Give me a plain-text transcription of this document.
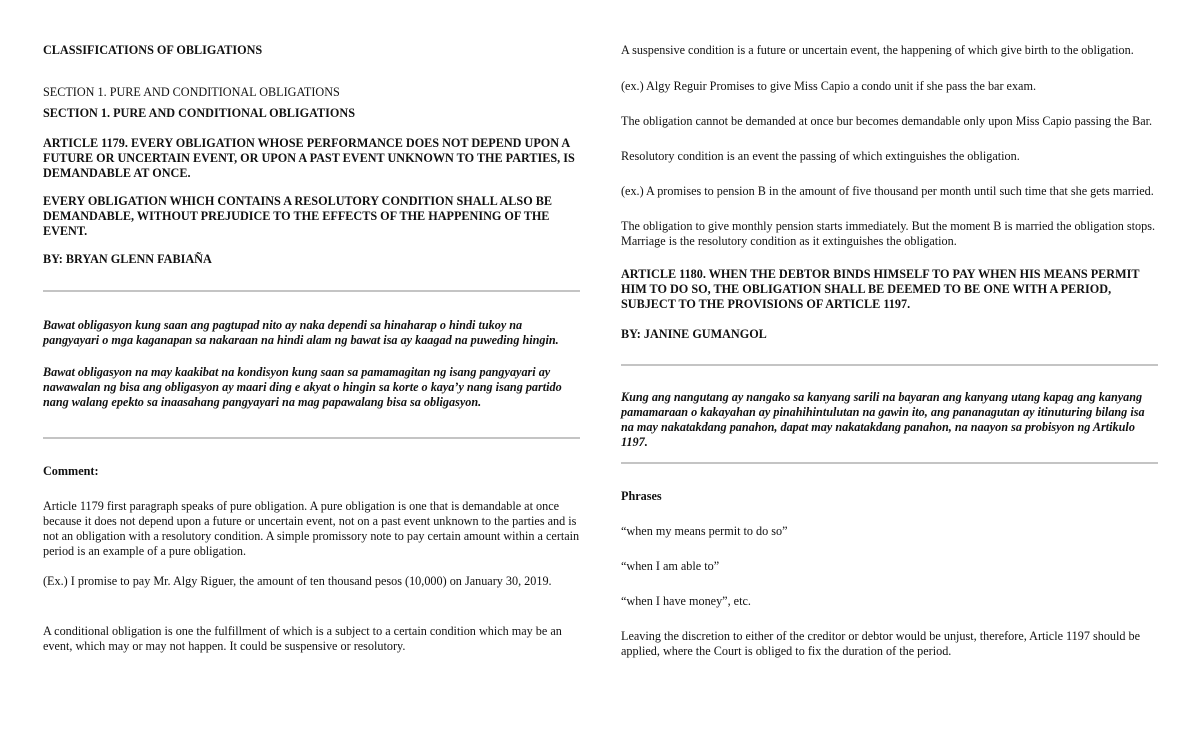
CLASSIFICATIONS OF OBLIGATIONS

SECTION 1. PURE AND CONDITIONAL OBLIGATIONS

SECTION 1. PURE AND CONDITIONAL OBLIGATIONS

ARTICLE 1179. EVERY OBLIGATION WHOSE PERFORMANCE DOES NOT DEPEND UPON A FUTURE OR UNCERTAIN EVENT, OR UPON A PAST EVENT UNKNOWN TO THE PARTIES, IS DEMANDABLE AT ONCE.

EVERY OBLIGATION WHICH CONTAINS A RESOLUTORY CONDITION SHALL ALSO BE DEMANDABLE, WITHOUT PREJUDICE TO THE EFFECTS OF THE HAPPENING OF THE EVENT.

BY: BRYAN GLENN FABIAÑA

Bawat obligasyon kung saan ang pagtupad nito ay naka dependi sa hinaharap o hindi tukoy na pangyayari o mga kaganapan sa nakaraan na hindi alam ng bawat isa ay kaagad na puweding hingin.

Bawat obligasyon na may kaakibat na kondisyon kung saan sa pamamagitan ng isang pangyayari ay nawawalan ng bisa ang obligasyon ay maari ding e akyat o hingin sa korte o kaya’y nang isang partido nang walang epekto sa inaasahang pangyayari na mag papawalang bisa sa obligasyon.

Comment:

Article 1179 first paragraph speaks of pure obligation. A pure obligation is one that is demandable at once because it does not depend upon a future or uncertain event, not on a past event unknown to the parties and is not an obligation with a resolutory condition. A simple promissory note to pay certain amount within a certain period is an example of a pure obligation.

(Ex.) I promise to pay Mr. Algy Riguer, the amount of ten thousand pesos (10,000) on January 30, 2019.

A conditional obligation is one the fulfillment of which is a subject to a certain condition which may be an event, which may or may not happen. It could be suspensive or resolutory.

A suspensive condition is a future or uncertain event, the happening of which give birth to the obligation.

(ex.) Algy Reguir Promises to give Miss Capio a condo unit if she pass the bar exam.

The obligation cannot be demanded at once bur becomes demandable only upon Miss Capio passing the Bar.

Resolutory condition is an event the passing of which extinguishes the obligation.

(ex.) A promises to pension B in the amount of five thousand per month until such time that she gets married.

The obligation to give monthly pension starts immediately. But the moment B is married the obligation stops. Marriage is the resolutory condition as it extinguishes the obligation.

ARTICLE 1180. WHEN THE DEBTOR BINDS HIMSELF TO PAY WHEN HIS MEANS PERMIT HIM TO DO SO, THE OBLIGATION SHALL BE DEEMED TO BE ONE WITH A PERIOD, SUBJECT TO THE PROVISIONS OF ARTICLE 1197.

BY: JANINE GUMANGOL

Kung ang nangutang ay nangako sa kanyang sarili na bayaran ang kanyang utang kapag ang kanyang pamamaraan o kakayahan ay pinahihintulutan na gawin ito, ang pananagutan ay itinuturing bilang isa na may nakatakdang panahon, dapat may nakatakdang panahon, na naayon sa probisyon ng Artikulo 1197.

Phrases

“when my means permit to do so”

“when I am able to”

“when I have money”, etc.

Leaving the discretion to either of the creditor or debtor would be unjust, therefore, Article 1197 should be applied, where the Court is obliged to fix the duration of the period.
